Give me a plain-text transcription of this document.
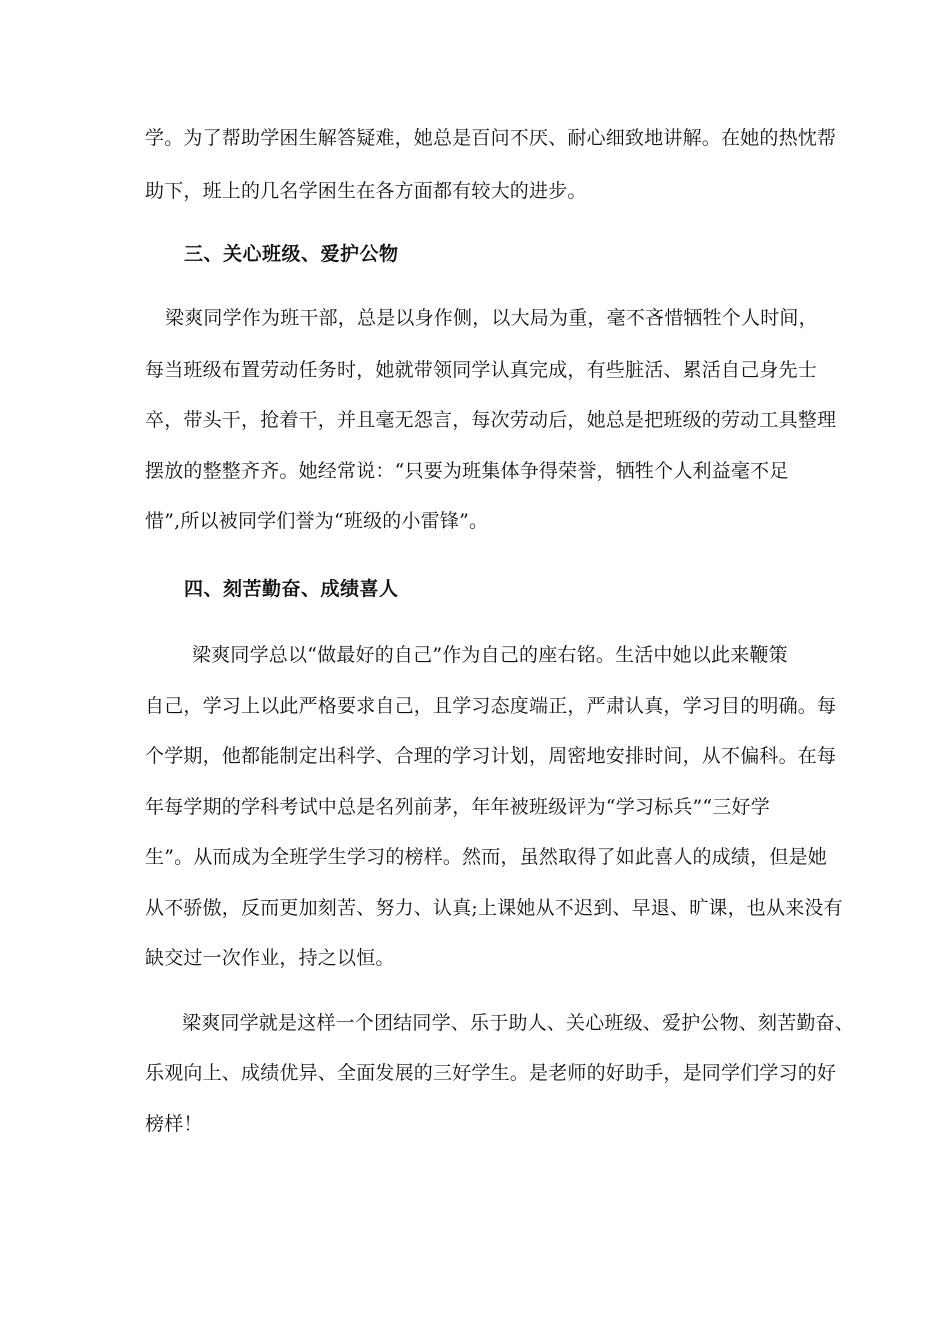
学。为了帮助学困生解答疑难，她总是百问不厌、耐心细致地讲解。在她的热忱帮
助下，班上的几名学困生在各方面都有较大的进步。
三、关心班级、爱护公物
梁爽同学作为班干部，总是以身作侧，以大局为重，毫不吝惜牺牲个人时间，
每当班级布置劳动任务时，她就带领同学认真完成，有些脏活、累活自己身先士
卒，带头干，抢着干，并且毫无怨言，每次劳动后，她总是把班级的劳动工具整理
摆放的整整齐齐。她经常说：“只要为班集体争得荣誉，牺牲个人利益毫不足
惜”,所以被同学们誉为“班级的小雷锋”。
四、刻苦勤奋、成绩喜人
梁爽同学总以“做最好的自己”作为自己的座右铭。生活中她以此来鞭策
自己，学习上以此严格要求自己，且学习态度端正，严肃认真，学习目的明确。每
个学期，他都能制定出科学、合理的学习计划，周密地安排时间，从不偏科。在每
年每学期的学科考试中总是名列前茅，年年被班级评为“学习标兵”“三好学
生”。从而成为全班学生学习的榜样。然而，虽然取得了如此喜人的成绩，但是她
从不骄傲，反而更加刻苦、努力、认真;上课她从不迟到、早退、旷课，也从来没有
缺交过一次作业，持之以恒。
梁爽同学就是这样一个团结同学、乐于助人、关心班级、爱护公物、刻苦勤奋、
乐观向上、成绩优异、全面发展的三好学生。是老师的好助手，是同学们学习的好
榜样！
